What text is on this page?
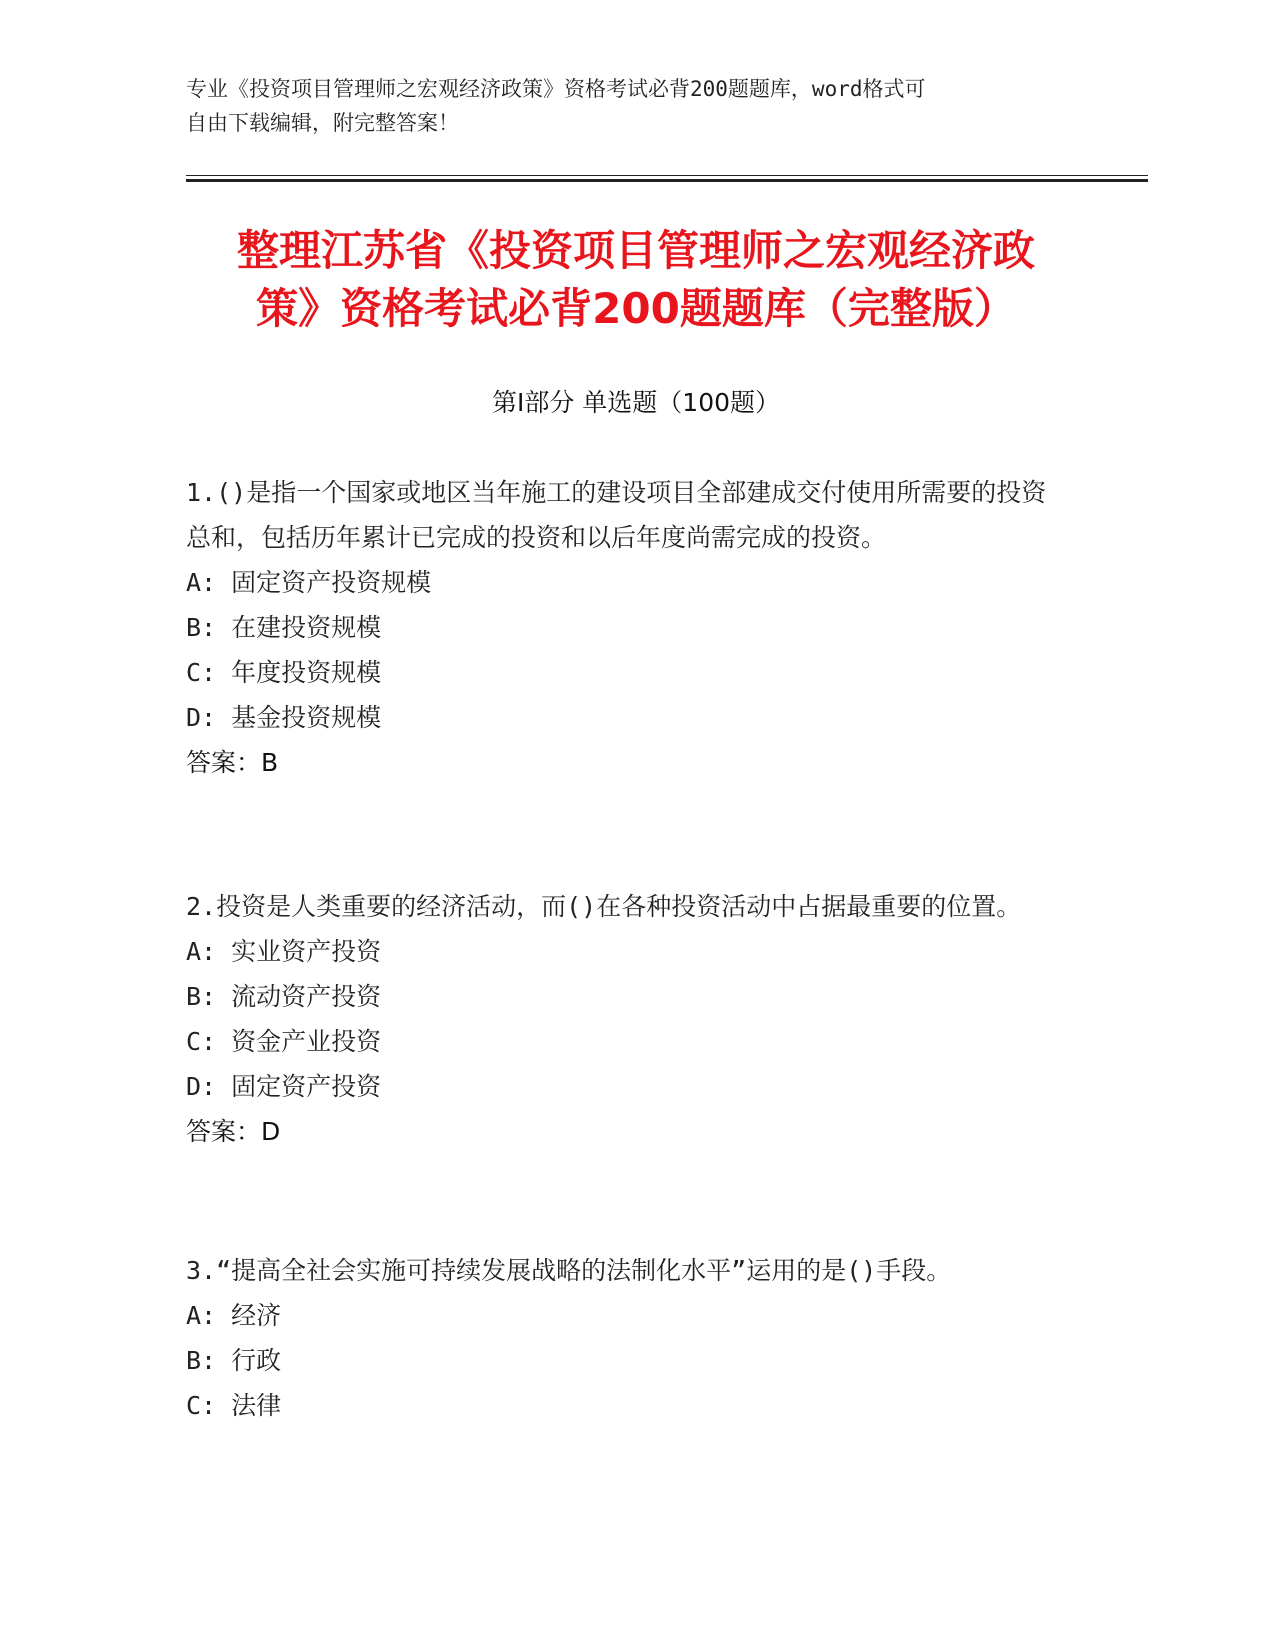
专业《投资项目管理师之宏观经济政策》资格考试必背200题题库，word格式可
自由下载编辑，附完整答案！
整理江苏省《投资项目管理师之宏观经济政
策》资格考试必背200题题库（完整版）
第Ⅰ部分 单选题（100题）

1.()是指一个国家或地区当年施工的建设项目全部建成交付使用所需要的投资总和，包括历年累计已完成的投资和以后年度尚需完成的投资。

A: 固定资产投资规模

B: 在建投资规模

C: 年度投资规模

D: 基金投资规模

答案：B

2.投资是人类重要的经济活动，而()在各种投资活动中占据最重要的位置。

A: 实业资产投资

B: 流动资产投资

C: 资金产业投资

D: 固定资产投资

答案：D

3.“提高全社会实施可持续发展战略的法制化水平”运用的是()手段。

A: 经济

B: 行政

C: 法律
